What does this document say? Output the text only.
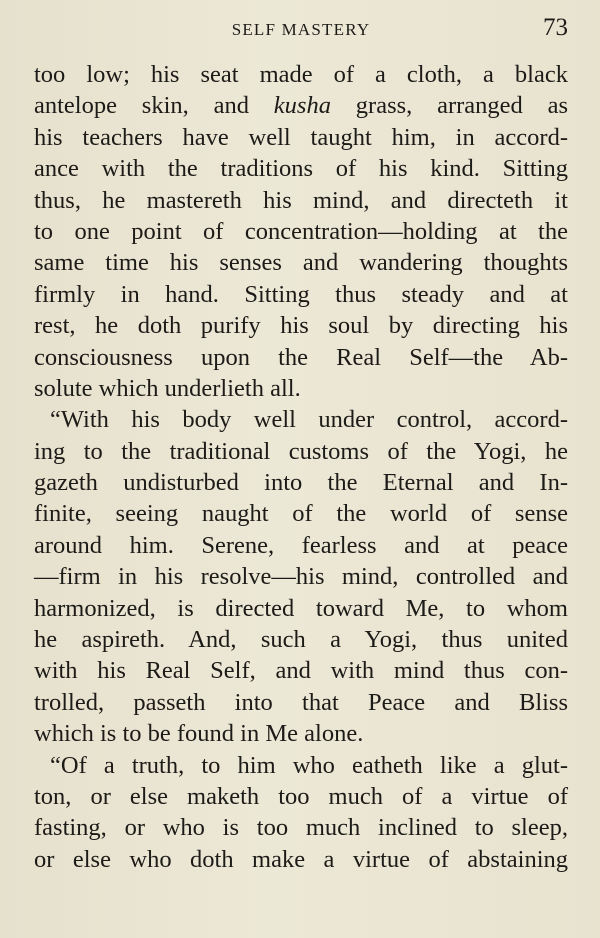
SELF MASTERY	73
too low; his seat made of a cloth, a black
antelope skin, and kusha grass, arranged as
his teachers have well taught him, in accord-
ance with the traditions of his kind. Sitting
thus, he mastereth his mind, and directeth it
to one point of concentration—holding at the
same time his senses and wandering thoughts
firmly in hand. Sitting thus steady and at
rest, he doth purify his soul by directing his
consciousness upon the Real Self—the Ab-
solute which underlieth all.
“With his body well under control, accord-
ing to the traditional customs of the Yogi, he
gazeth undisturbed into the Eternal and In-
finite, seeing naught of the world of sense
around him. Serene, fearless and at peace
—firm in his resolve—his mind, controlled and
harmonized, is directed toward Me, to whom
he aspireth. And, such a Yogi, thus united
with his Real Self, and with mind thus con-
trolled, passeth into that Peace and Bliss
which is to be found in Me alone.
“Of a truth, to him who eatheth like a glut-
ton, or else maketh too much of a virtue of
fasting, or who is too much inclined to sleep,
or else who doth make a virtue of abstaining
